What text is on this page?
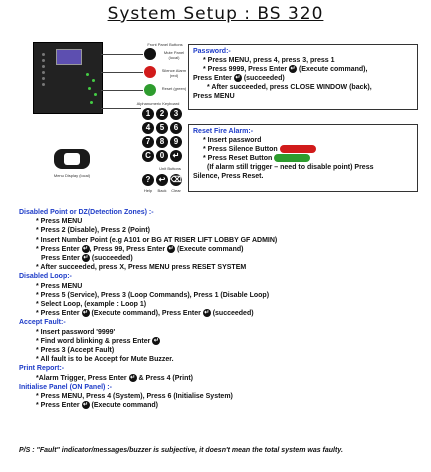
System Setup : BS 320
Menu Display (local)
Front Panel Buttons
Mute Panel (local)
Silence Alarm (red)
Reset (green)
Alphanumeric Keyboard
1	2	3
4	5	6
7	8	9
C	0	↵
Unit Buttons
?	↩ ⌫
Help	Back	Clear
Password:-
* Press MENU, press 4, press 3, press 1
* Press 9999, Press Enter ↵ (Execute command),
Press Enter ↵ (succeeded)
* After succeeded, press CLOSE WINDOW (back),
Press MENU
Reset Fire Alarm:-
* Insert password
* Press Silence Button
* Press Reset Button
(If alarm still trigger – need to disable point) Press
Silence, Press Reset.
Disabled Point or DZ(Detection Zones) :-
* Press MENU
* Press 2 (Disable), Press 2 (Point)
* Insert Number Point (e.g A101 or BG AT RISER LIFT LOBBY GF ADMIN)
* Press Enter ↵, Press 99, Press Enter ↵ (Execute command)
Press Enter ↵ (succeeded)
* After succeeded, press X, Press MENU press RESET SYSTEM
Disabled Loop:-
* Press MENU
* Press 5 (Service), Press 3 (Loop Commands), Press 1 (Disable Loop)
* Select Loop, (example : Loop 1)
* Press Enter ↵ (Execute command), Press Enter ↵ (succeeded)
Accept Fault:-
* Insert password '9999'
* Find word blinking & press Enter ↵
* Press 3 (Accept Fault)
* All fault is to be Accept for Mute Buzzer.
Print Report:-
*Alarm Trigger, Press Enter ↵ & Press 4 (Print)
Initialise Panel (ON Panel) :-
* Press MENU, Press 4 (System), Press 6 (Initialise System)
* Press Enter ↵ (Execute command)
P/S : "Fault" indicator/messages/buzzer is subjective, it doesn't mean the total system was faulty.
